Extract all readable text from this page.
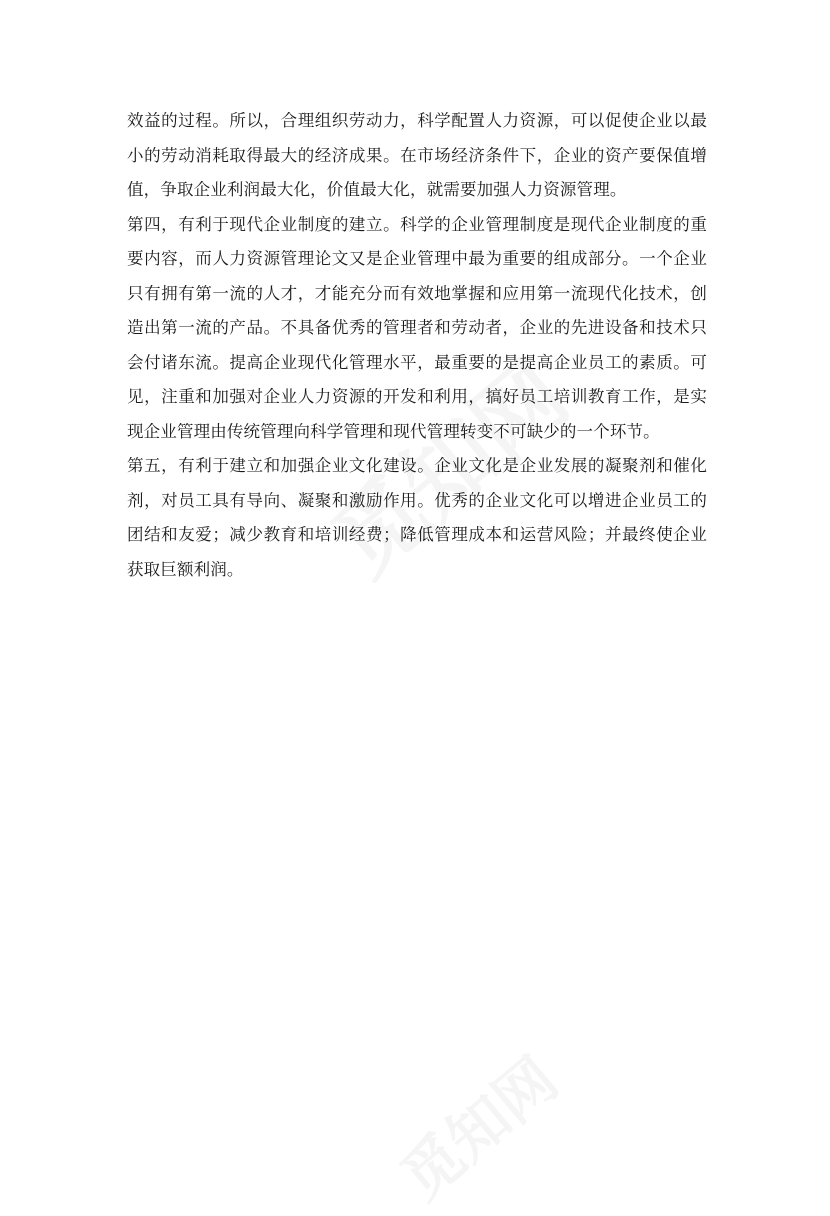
效益的过程。所以，合理组织劳动力，科学配置人力资源，可以促使企业以最小的劳动消耗取得最大的经济成果。在市场经济条件下，企业的资产要保值增值，争取企业利润最大化，价值最大化，就需要加强人力资源管理。

第四，有利于现代企业制度的建立。科学的企业管理制度是现代企业制度的重要内容，而人力资源管理论文又是企业管理中最为重要的组成部分。一个企业只有拥有第一流的人才，才能充分而有效地掌握和应用第一流现代化技术，创造出第一流的产品。不具备优秀的管理者和劳动者，企业的先进设备和技术只会付诸东流。提高企业现代化管理水平，最重要的是提高企业员工的素质。可见，注重和加强对企业人力资源的开发和利用，搞好员工培训教育工作，是实现企业管理由传统管理向科学管理和现代管理转变不可缺少的一个环节。

第五，有利于建立和加强企业文化建设。企业文化是企业发展的凝聚剂和催化剂，对员工具有导向、凝聚和激励作用。优秀的企业文化可以增进企业员工的团结和友爱；减少教育和培训经费；降低管理成本和运营风险；并最终使企业获取巨额利润。
